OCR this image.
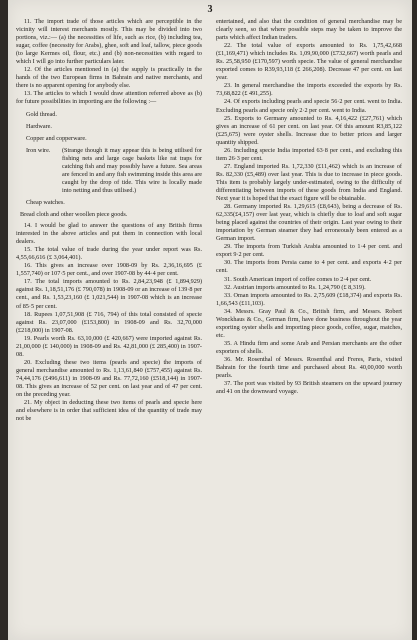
3

11. The import trade of those articles which are perceptible in the vicinity will interest merchants mostly. This may be divided into two portions, viz.:— (a) the necessities of life, such as rice, (b) including tea, sugar, coffee (necessity for Arabs), ghee, soft and loaf, tallow, piece goods (to large Kermes oil, flour, etc.) and (b) non-necessities with regard to which I will go into further particulars later.

12. Of the articles mentioned in (a) the supply is practically in the hands of the two European firms in Bahrain and native merchants, and there is no apparent opening for anybody else.

13. The articles to which I would draw attention referred above as (b) for future possibilities in importing are the following :—

Gold thread.
Hardware.
Copper and copperware.
Iron wire. (Strange though it may appear this is being utilised for fishing nets and large cage baskets like rat traps for catching fish and may possibly have a future. Sea areas are fenced in and any fish swimming inside this area are caught by the drop of tide. This wire is locally made into netting and thus utilised.)
Cheap watches.
Bread cloth and other woollen piece goods.

14. I would be glad to answer the questions of any British firms interested in the above articles and put them in connection with local dealers.

15. The total value of trade during the year under report was Rs. 4,55,66,616 (£ 3,064,401).

16. This gives an increase over 1908-09 by Rs. 2,36,16,695 (£ 1,557,740) or 107·5 per cent., and over 1907-08 by 44·4 per cent.

17. The total imports amounted to Rs. 2,84,23,948 (£ 1,894,929) against Rs. 1,18,51,176 (£ 790,078) in 1908-09 or an increase of 139·8 per cent., and Rs. 1,53,23,160 (£ 1,021,544) in 1907-08 which is an increase of 85·5 per cent.

18. Rupees 1,07,51,908 (£ 716, 794) of this total consisted of specie against Rs. 23,07,000 (£153,800) in 1908-09 and Rs. 32,70,000 (£218,000) in 1907-08.

19. Pearls worth Rs. 63,10,000 (£ 420,667) were imported against Rs. 21,00,000 (£ 140,000) in 1908-09 and Rs. 42,81,000 (£ 285,400) in 1907-08.

20. Excluding these two items (pearls and specie) the imports of general merchandise amounted to Rs. 1,13,61,840 (£757,455) against Rs. 74,44,176 (£496,611) in 1908-09 and Rs. 77,72,160 (£518,144) in 1907-08. This gives an increase of 52 per cent. on last year and of 47 per cent. on the preceding year.

21. My object in deducting these two items of pearls and specie here and elsewhere is in order that sufficient idea of the quantity of trade may not be

entertained, and also that the condition of general merchandise may be clearly seen, so that where possible steps may be taken to improve the parts which affect Indian traders.

22. The total value of exports amounted to Rs. 1,75,42,668 (£1,169,471) which includes Rs. 1,09,90,000 (£732,667) worth pearls and Rs. 25,58,950 (£170,597) worth specie. The value of general merchandise exported comes to R39,93,118 (£ 266,208). Decrease 47 per cent. on last year.

23. In general merchandise the imports exceeded the exports by Rs. 73,68,822 (£ 491,255).

24. Of exports including pearls and specie 56·2 per cent. went to India. Excluding pearls and specie only 2·2 per cent. went to India.

25. Exports to Germany amounted to Rs. 4,16,422 (£27,761) which gives an increase of 61 per cent. on last year. Of this amount R3,85,122 (£25,675) were oyster shells. Increase due to better prices and larger quantity shipped.

26. Including specie India imported 63·8 per cent., and excluding this item 26·3 per cent.

27. England imported Rs. 1,72,330 (£11,462) which is an increase of Rs. 82,330 (£5,489) over last year. This is due to increase in piece goods. This item is probably largely under-estimated, owing to the difficulty of differentiating between imports of these goods from India and England. Next year it is hoped that the exact figure will be obtainable.

28. Germany imported Rs. 1,29,615 (£8,643), being a decrease of Rs. 62,335(£4,157) over last year, which is chiefly due to loaf and soft sugar being placed against the countries of their origin. Last year owing to their importation by German steamer they had erroneously been entered as a German import.

29. The imports from Turkish Arabia amounted to 1·4 per cent. and export 9·2 per cent.

30. The imports from Persia came to 4 per cent. and exports 4·2 per cent.

31. South American import of coffee comes to 2·4 per cent.

32. Austrian imports amounted to Rs. 1,24,790 (£ 8,319).

33. Oman imports amounted to Rs. 2,75,609 (£18,374) and exports Rs. 1,66,543 (£11,103).

34. Messrs. Gray Paul & Co., British firm, and Messrs. Robert Wonckhaus & Co., German firm, have done business throughout the year exporting oyster shells and importing piece goods, coffee, sugar, matches, etc.

35. A Hindu firm and some Arab and Persian merchants are the other exporters of shells.

36. Mr. Rosenthal of Messrs. Rosenthal and Freres, Paris, visited Bahrain for the fourth time and purchased about Rs. 40,00,000 worth pearls.

37. The port was visited by 93 British steamers on the upward journey and 41 on the downward voyage.
